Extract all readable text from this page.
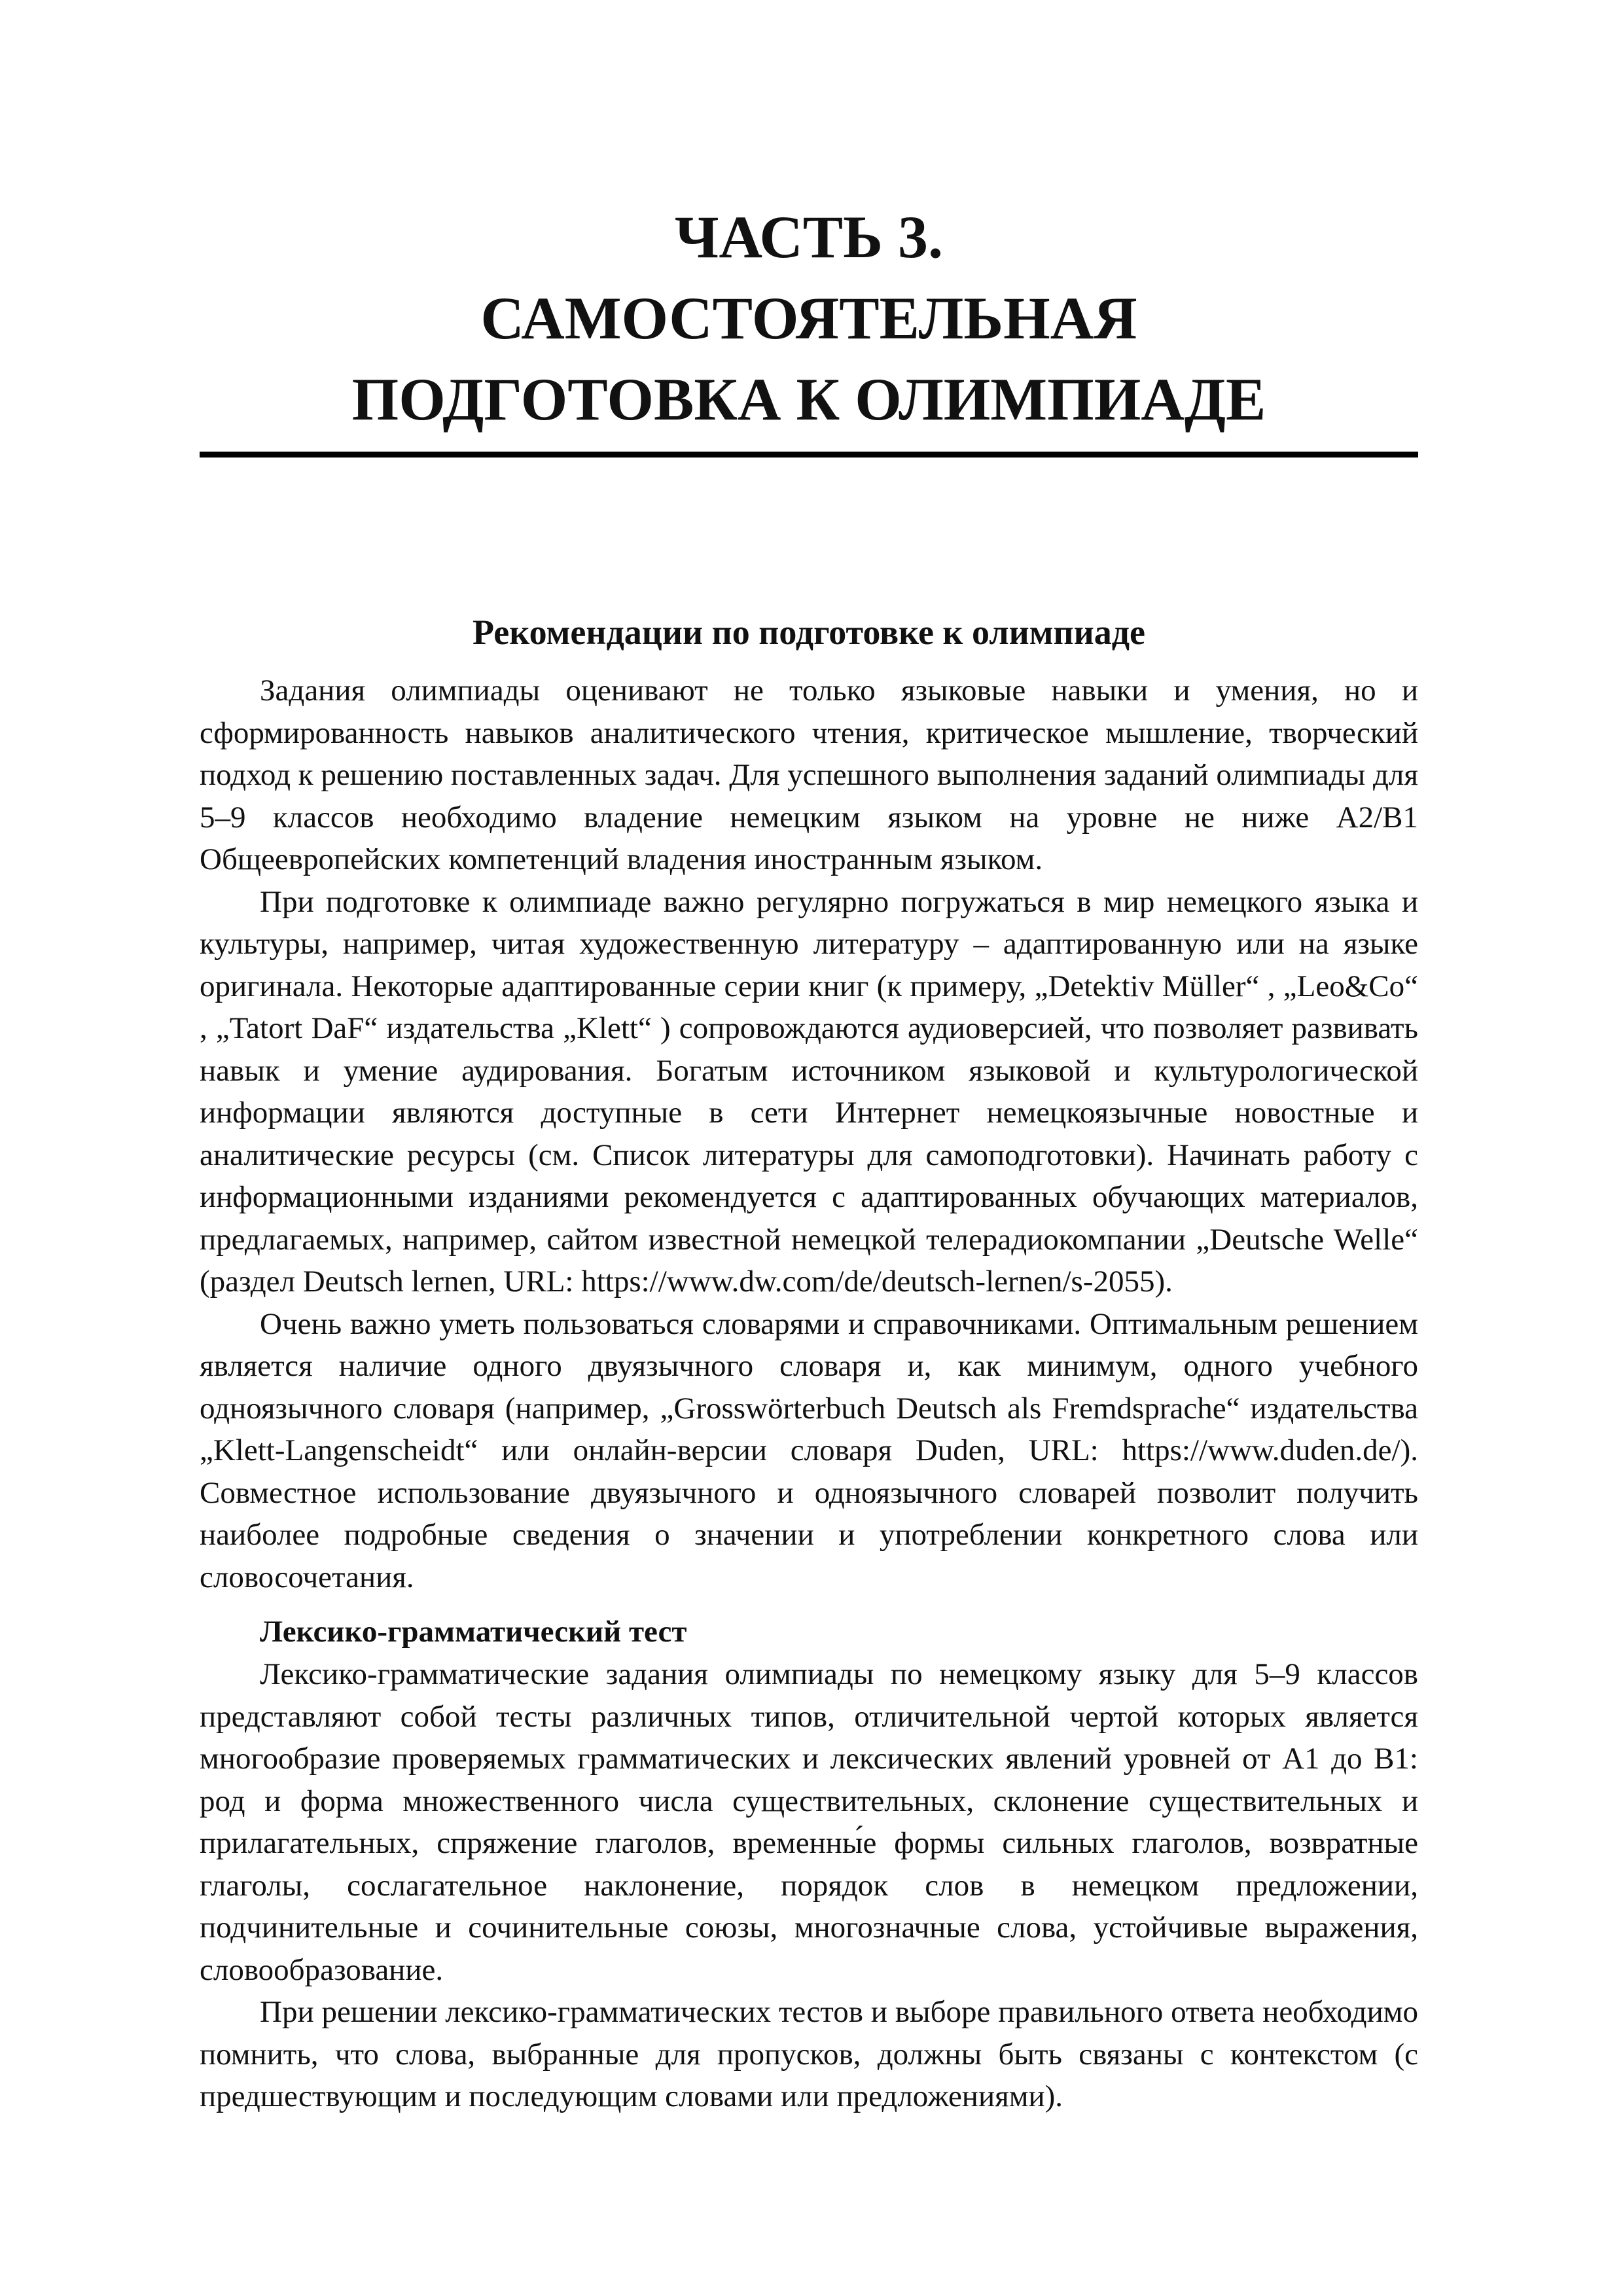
ЧАСТЬ 3.
САМОСТОЯТЕЛЬНАЯ
ПОДГОТОВКА К ОЛИМПИАДЕ
Рекомендации по подготовке к олимпиаде

Задания олимпиады оценивают не только языковые навыки и умения, но и сформированность навыков аналитического чтения, критическое мышление, творческий подход к решению поставленных задач. Для успешного выполнения заданий олимпиады для 5–9 классов необходимо владение немецким языком на уровне не ниже A2/B1 Общеевропейских компетенций владения иностранным языком.

При подготовке к олимпиаде важно регулярно погружаться в мир немецкого языка и культуры, например, читая художественную литературу – адаптированную или на языке оригинала. Некоторые адаптированные серии книг (к примеру, „Detektiv Müller“ , „Leo&Co“ , „Tatort DaF“ издательства „Klett“ ) сопровождаются аудиоверсией, что позволяет развивать навык и умение аудирования. Богатым источником языковой и культурологической информации являются доступные в сети Интернет немецкоязычные новостные и аналитические ресурсы (см. Список литературы для самоподготовки). Начинать работу с информационными изданиями рекомендуется с адаптированных обучающих материалов, предлагаемых, например, сайтом известной немецкой телерадиокомпании „Deutsche Welle“ (раздел Deutsch lernen, URL: https://www.dw.com/de/deutsch-lernen/s-2055).

Очень важно уметь пользоваться словарями и справочниками. Оптимальным решением является наличие одного двуязычного словаря и, как минимум, одного учебного одноязычного словаря (например, „Grosswörterbuch Deutsch als Fremdsprache“ издательства „Klett-Langenscheidt“ или онлайн-версии словаря Duden, URL: https://www.duden.de/). Совместное использование двуязычного и одноязычного словарей позволит получить наиболее подробные сведения о значении и употреблении конкретного слова или словосочетания.

Лексико-грамматический тест

Лексико-грамматические задания олимпиады по немецкому языку для 5–9 классов представляют собой тесты различных типов, отличительной чертой которых является многообразие проверяемых грамматических и лексических явлений уровней от A1 до B1: род и форма множественного числа существительных, склонение существительных и прилагательных, спряжение глаголов, временны́е формы сильных глаголов, возвратные глаголы, сослагательное наклонение, порядок слов в немецком предложении, подчинительные и сочинительные союзы, многозначные слова, устойчивые выражения, словообразование.

При решении лексико-грамматических тестов и выборе правильного ответа необходимо помнить, что слова, выбранные для пропусков, должны быть связаны с контекстом (с предшествующим и последующим словами или предложениями).
